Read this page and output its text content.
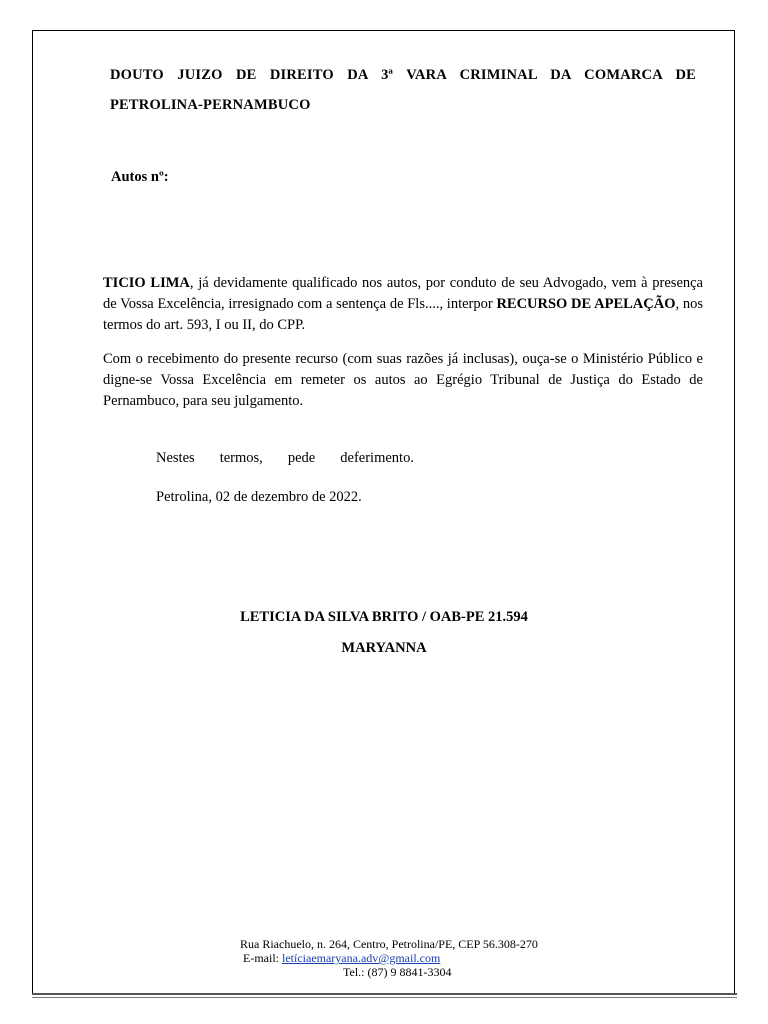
DOUTO JUIZO DE DIREITO DA 3ª VARA CRIMINAL DA COMARCA DE
PETROLINA-PERNAMBUCO
Autos nº:
TICIO LIMA, já devidamente qualificado nos autos, por conduto de seu Advogado, vem à presença de Vossa Excelência, irresignado com a sentença de Fls...., interpor RECURSO DE APELAÇÃO, nos termos do art. 593, I ou II, do CPP.
Com o recebimento do presente recurso (com suas razões já inclusas), ouça-se o Ministério Público e digne-se Vossa Excelência em remeter os autos ao Egrégio Tribunal de Justiça do Estado de Pernambuco, para seu julgamento.
Nestes termos, pede deferimento.
Petrolina, 02 de dezembro de 2022.
LETICIA DA SILVA BRITO / OAB-PE 21.594
MARYANNA
Rua Riachuelo, n. 264, Centro, Petrolina/PE, CEP 56.308-270
E-mail: letíciaemaryana.adv@gmail.com
Tel.: (87) 9 8841-3304
